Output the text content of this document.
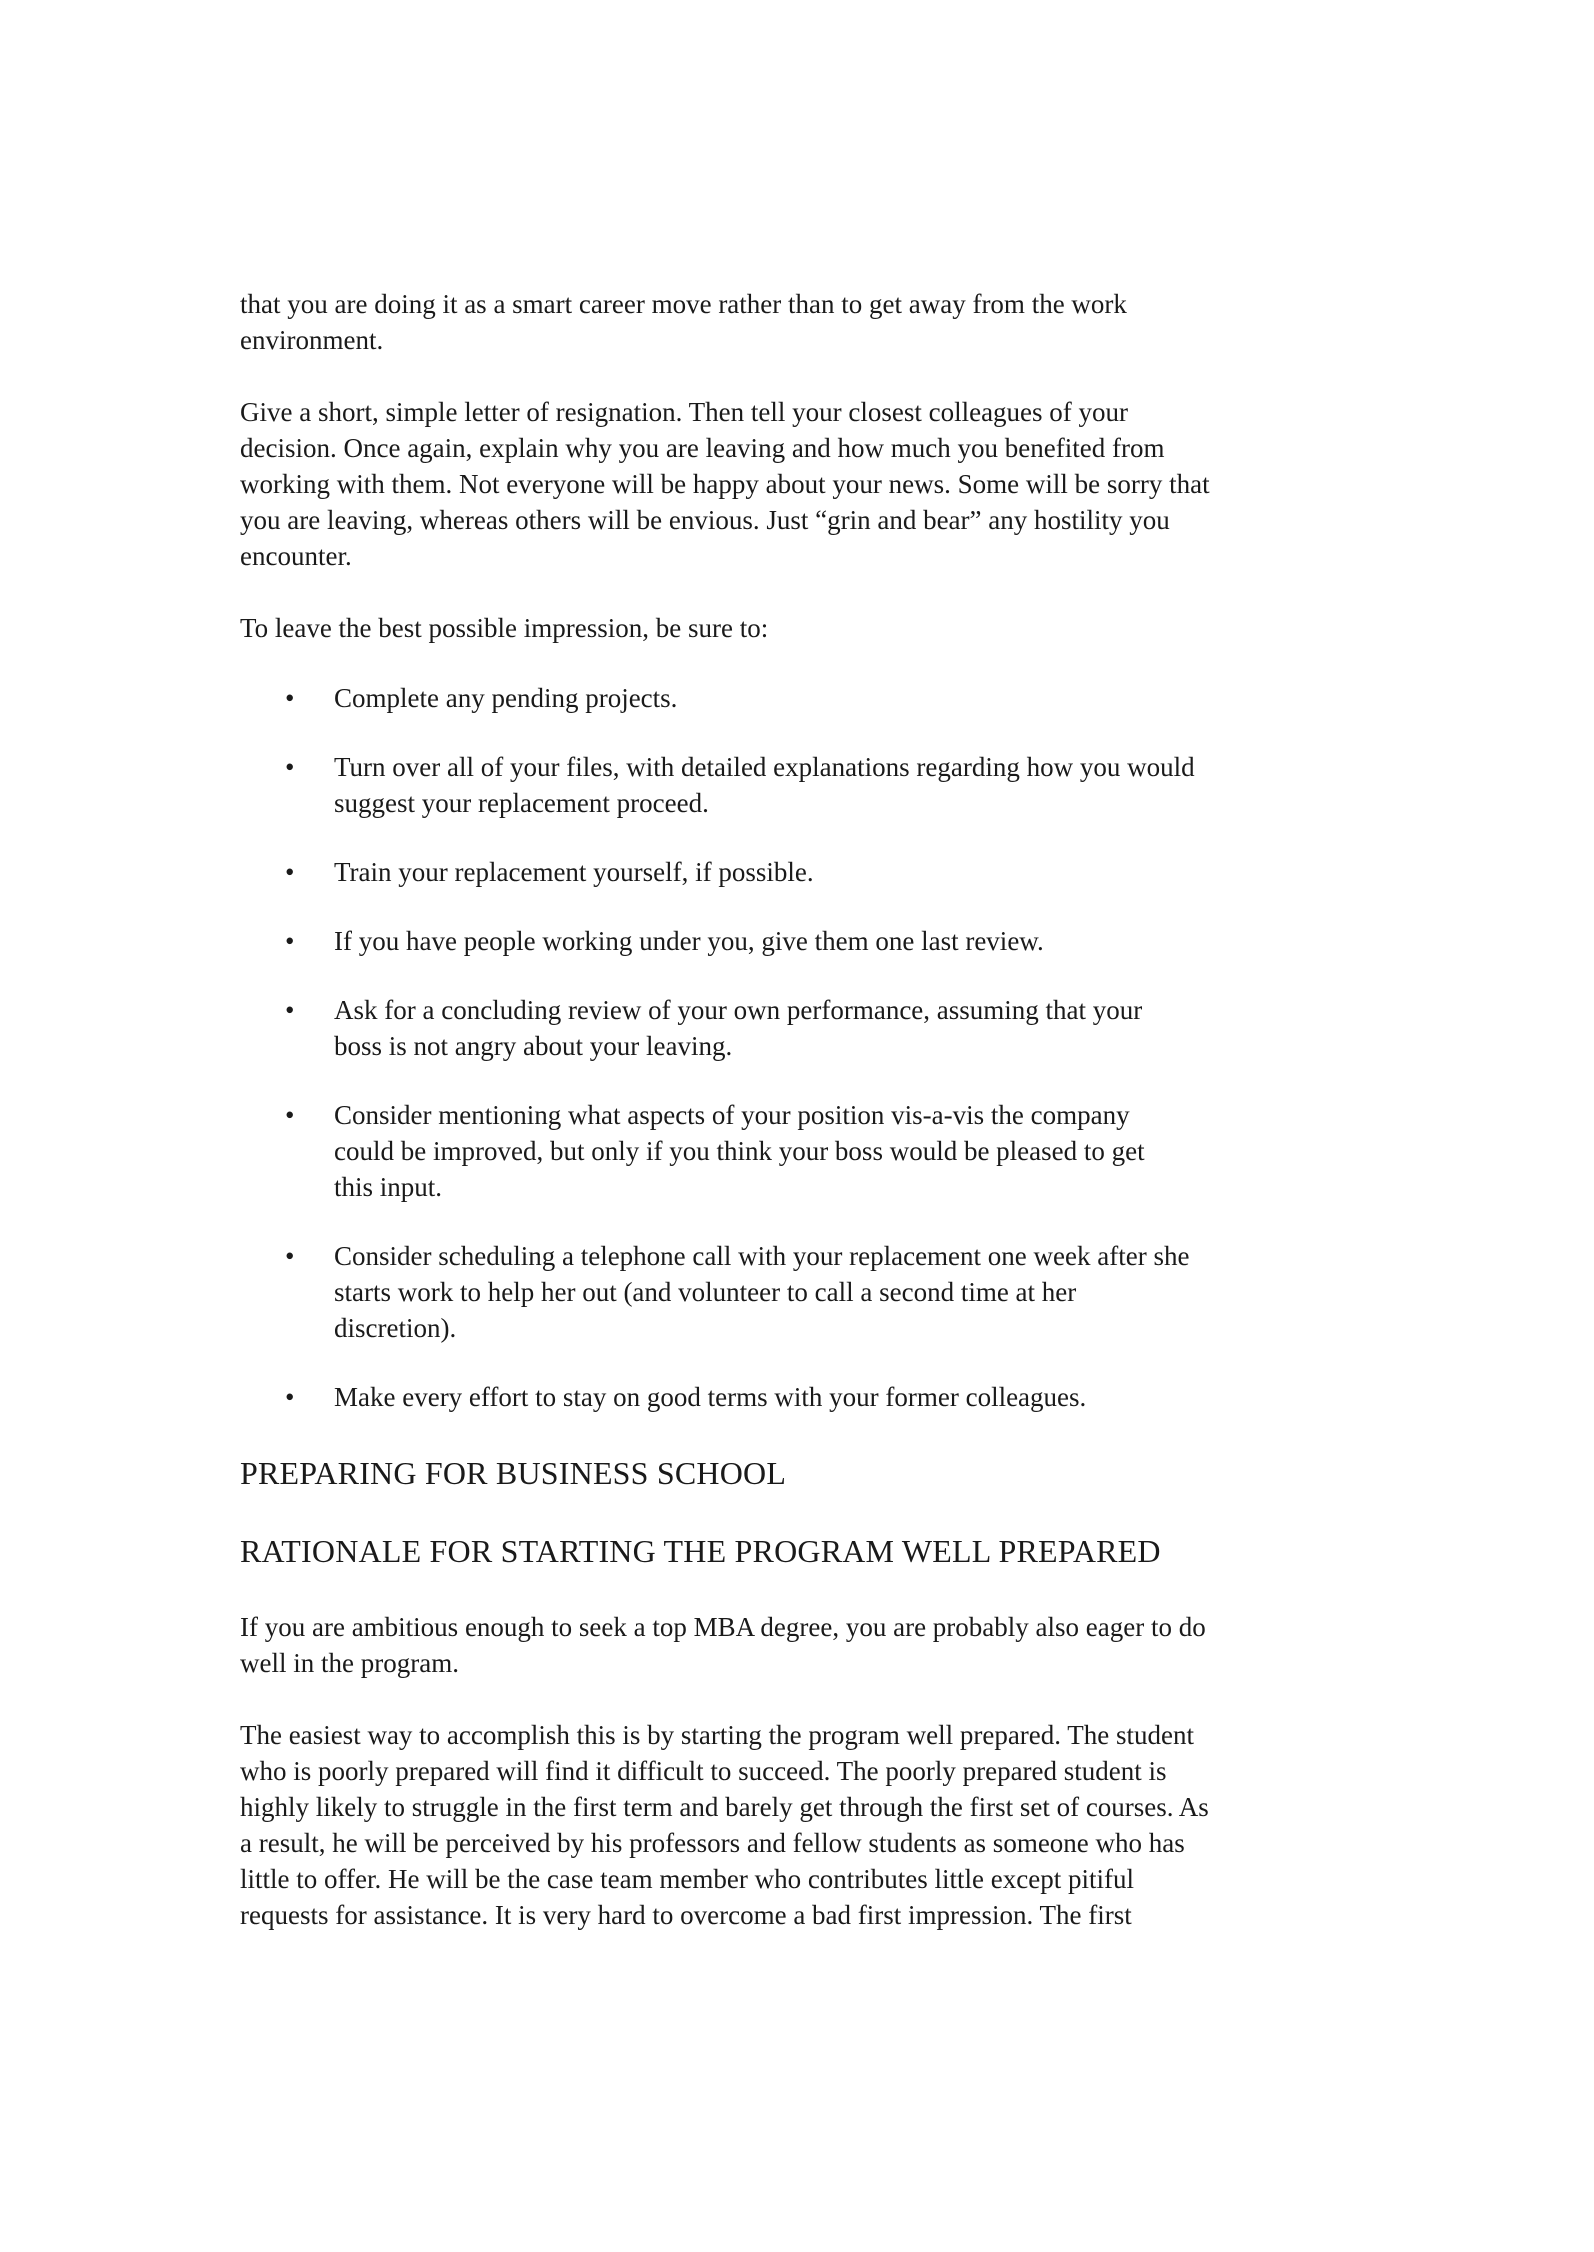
that you are doing it as a smart career move rather than to get away from the work
environment.

Give a short, simple letter of resignation. Then tell your closest colleagues of your
decision. Once again, explain why you are leaving and how much you benefited from
working with them. Not everyone will be happy about your news. Some will be sorry that
you are leaving, whereas others will be envious. Just “grin and bear” any hostility you
encounter.

To leave the best possible impression, be sure to:

• Complete any pending projects.
• Turn over all of your files, with detailed explanations regarding how you would
suggest your replacement proceed.
• Train your replacement yourself, if possible.
• If you have people working under you, give them one last review.
• Ask for a concluding review of your own performance, assuming that your
boss is not angry about your leaving.
• Consider mentioning what aspects of your position vis-a-vis the company
could be improved, but only if you think your boss would be pleased to get
this input.
• Consider scheduling a telephone call with your replacement one week after she
starts work to help her out (and volunteer to call a second time at her
discretion).
• Make every effort to stay on good terms with your former colleagues.
PREPARING FOR BUSINESS SCHOOL
RATIONALE FOR STARTING THE PROGRAM WELL PREPARED

If you are ambitious enough to seek a top MBA degree, you are probably also eager to do
well in the program.

The easiest way to accomplish this is by starting the program well prepared. The student
who is poorly prepared will find it difficult to succeed. The poorly prepared student is
highly likely to struggle in the first term and barely get through the first set of courses. As
a result, he will be perceived by his professors and fellow students as someone who has
little to offer. He will be the case team member who contributes little except pitiful
requests for assistance. It is very hard to overcome a bad first impression. The first
